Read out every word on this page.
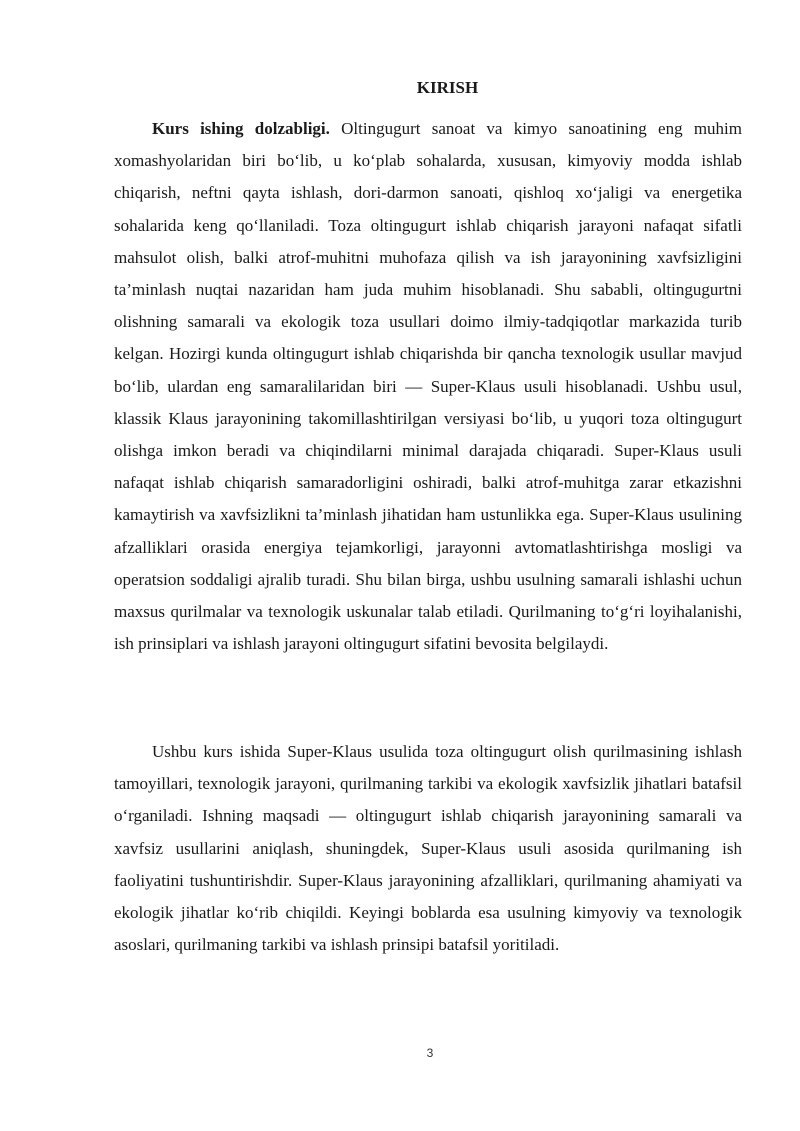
KIRISH

Kurs ishing dolzabligi. Oltingugurt sanoat va kimyo sanoatining eng muhim xomashyolaridan biri bo‘lib, u ko‘plab sohalarda, xususan, kimyoviy modda ishlab chiqarish, neftni qayta ishlash, dori-darmon sanoati, qishloq xo‘jaligi va energetika sohalarida keng qo‘llaniladi. Toza oltingugurt ishlab chiqarish jarayoni nafaqat sifatli mahsulot olish, balki atrof-muhitni muhofaza qilish va ish jarayonining xavfsizligini ta’minlash nuqtai nazaridan ham juda muhim hisoblanadi. Shu sababli, oltingugurtni olishning samarali va ekologik toza usullari doimo ilmiy-tadqiqotlar markazida turib kelgan. Hozirgi kunda oltingugurt ishlab chiqarishda bir qancha texnologik usullar mavjud bo‘lib, ulardan eng samaralilaridan biri — Super-Klaus usuli hisoblanadi. Ushbu usul, klassik Klaus jarayonining takomillashtirilgan versiyasi bo‘lib, u yuqori toza oltingugurt olishga imkon beradi va chiqindilarni minimal darajada chiqaradi. Super-Klaus usuli nafaqat ishlab chiqarish samaradorligini oshiradi, balki atrof-muhitga zarar etkazishni kamaytirish va xavfsizlikni ta’minlash jihatidan ham ustunlikka ega. Super-Klaus usulining afzalliklari orasida energiya tejamkorligi, jarayonni avtomatlashtirishga mosligi va operatsion soddaligi ajralib turadi. Shu bilan birga, ushbu usulning samarali ishlashi uchun maxsus qurilmalar va texnologik uskunalar talab etiladi. Qurilmaning to‘g‘ri loyihalanishi, ish prinsiplari va ishlash jarayoni oltingugurt sifatini bevosita belgilaydi.

Ushbu kurs ishida Super-Klaus usulida toza oltingugurt olish qurilmasining ishlash tamoyillari, texnologik jarayoni, qurilmaning tarkibi va ekologik xavfsizlik jihatlari batafsil o‘rganiladi. Ishning maqsadi — oltingugurt ishlab chiqarish jarayonining samarali va xavfsiz usullarini aniqlash, shuningdek, Super-Klaus usuli asosida qurilmaning ish faoliyatini tushuntirishdir. Super-Klaus jarayonining afzalliklari, qurilmaning ahamiyati va ekologik jihatlar ko‘rib chiqildi. Keyingi boblarda esa usulning kimyoviy va texnologik asoslari, qurilmaning tarkibi va ishlash prinsipi batafsil yoritiladi.

3
